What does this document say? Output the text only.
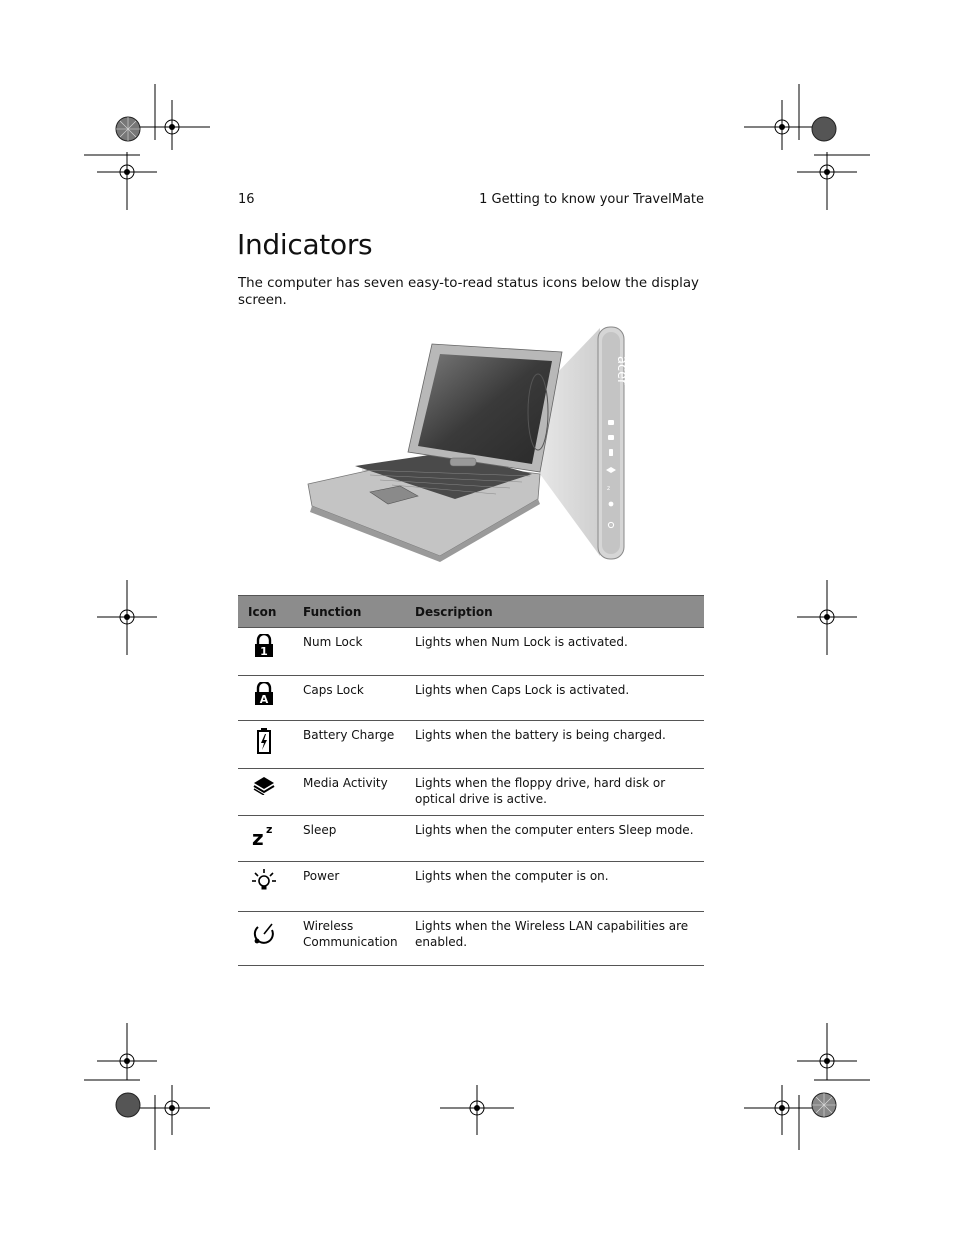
16	1 Getting to know your TravelMate
Indicators

The computer has seven easy-to-read status icons below the display screen.

acer
z
Icon	Function	Description

1	Num Lock	Lights when Num Lock is activated.

A	Caps Lock	Lights when Caps Lock is activated.

	Battery Charge	Lights when the battery is being charged.

	Media Activity	Lights when the floppy drive, hard disk or optical drive is active.

z z	Sleep	Lights when the computer enters Sleep mode.

	Power	Lights when the computer is on.

	Wireless Communication	Lights when the Wireless LAN capabilities are enabled.
